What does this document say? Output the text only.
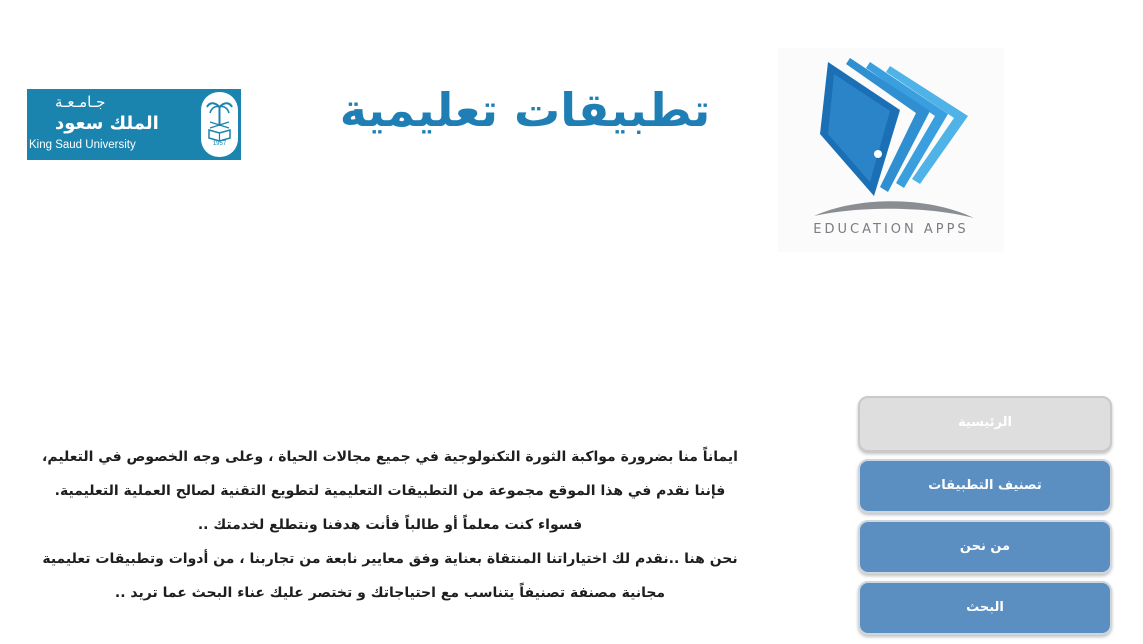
جـامـعـة
الملك سعود
King Saud University	1957
تطبيقات تعليمية
EDUCATION APPS

ايماناً منا بضرورة مواكبة الثورة التكنولوجية في جميع مجالات الحياة ، وعلى وجه الخصوص في التعليم،

فإننا نقدم في هذا الموقع مجموعة من التطبيقات التعليمية لتطويع التقنية لصالح العملية التعليمية.

فسواء كنت معلماً أو طالباً فأنت هدفنا ونتطلع لخدمتك ..

نحن هنا ..نقدم لك اختياراتنا المنتقاة بعناية وفق معايير نابعة من تجاربنا ، من أدوات وتطبيقات تعليمية

مجانية مصنفة تصنيفاً يتناسب مع احتياجاتك و تختصر عليك عناء البحث عما تريد ..

الرئيسية
تصنيف التطبيقات
من نحن
البحث
